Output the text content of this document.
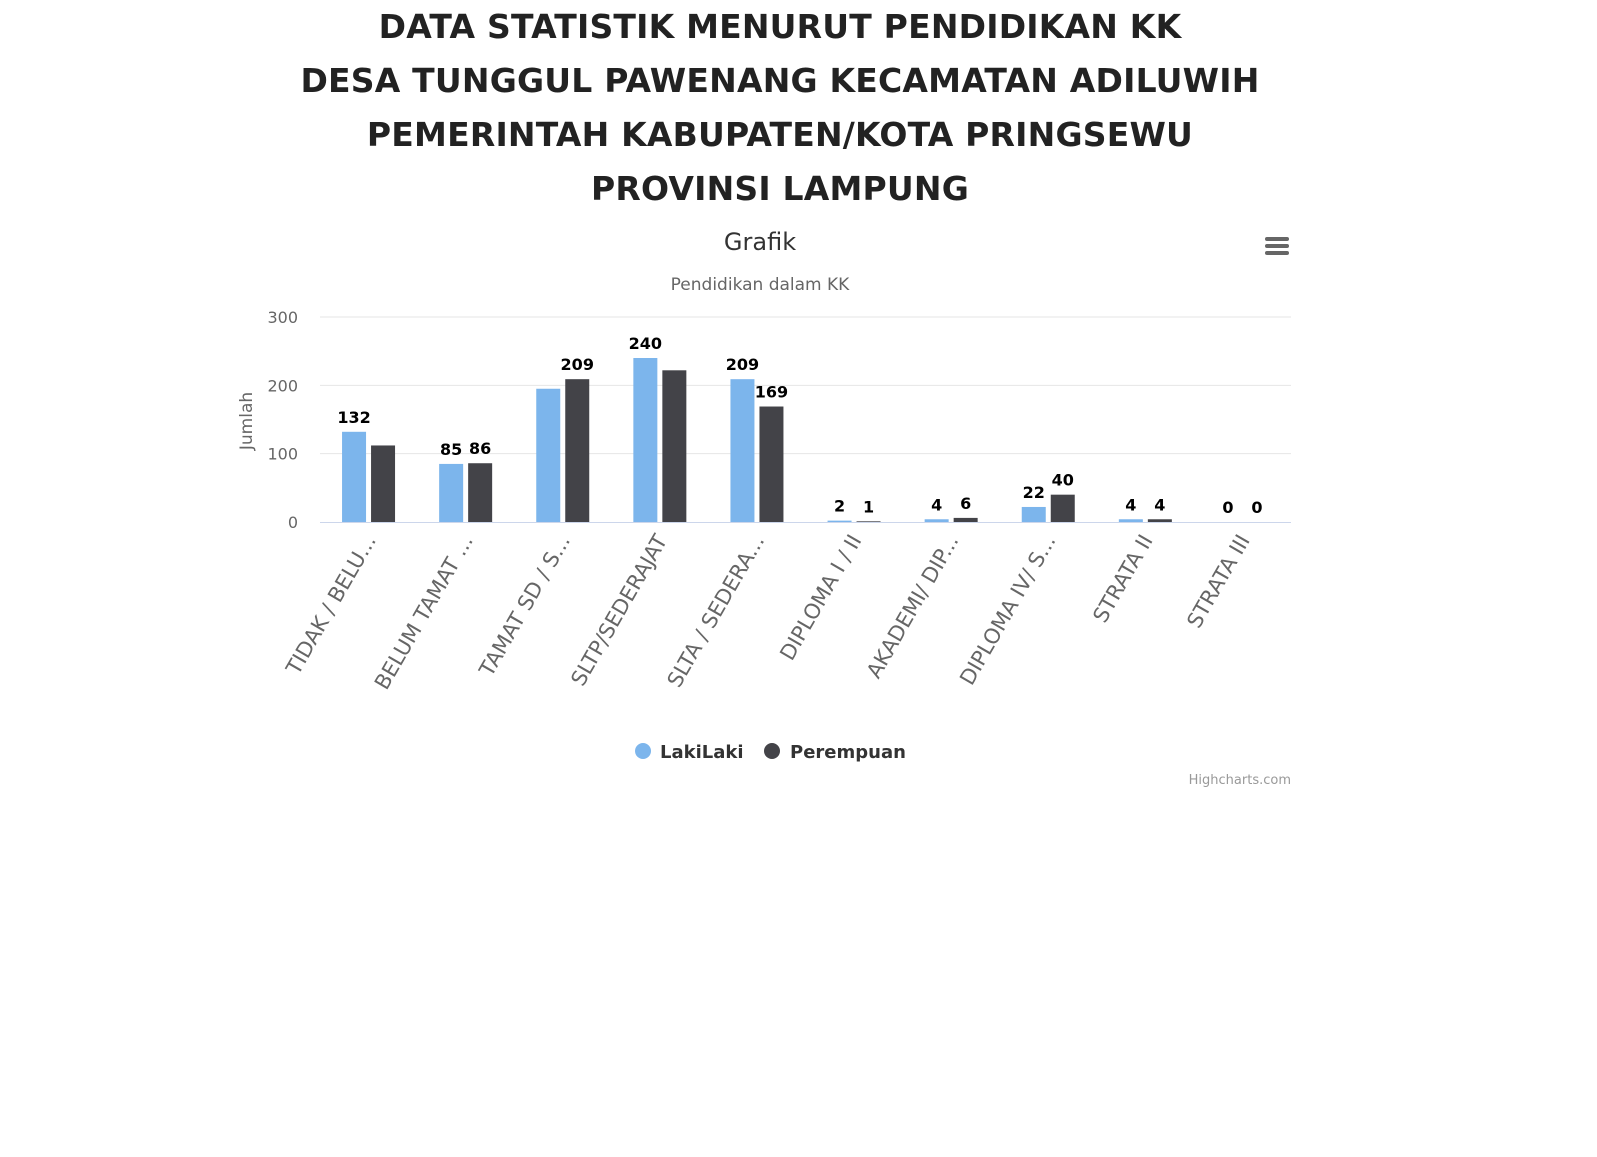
DATA STATISTIK MENURUT PENDIDIKAN KK
DESA TUNGGUL PAWENANG KECAMATAN ADILUWIH
PEMERINTAH KABUPATEN/KOTA PRINGSEWU
PROVINSI LAMPUNG
Grafik
Pendidikan dalam KK
0
100
200
300
Jumlah	132
85 86
209
240
209
169
2 1	4 6
22
40
4 4	0 0
TIDAK / BELU...
BELUM TAMAT ...
TAMAT SD / S...
SLTP/SEDERAJAT
SLTA / SEDERA... DIPLOMA I / II
AKADEMI/ DIP...
DIPLOMA IV/ S... STRATA II STRATA III
LakiLaki	Perempuan
Highcharts.com
